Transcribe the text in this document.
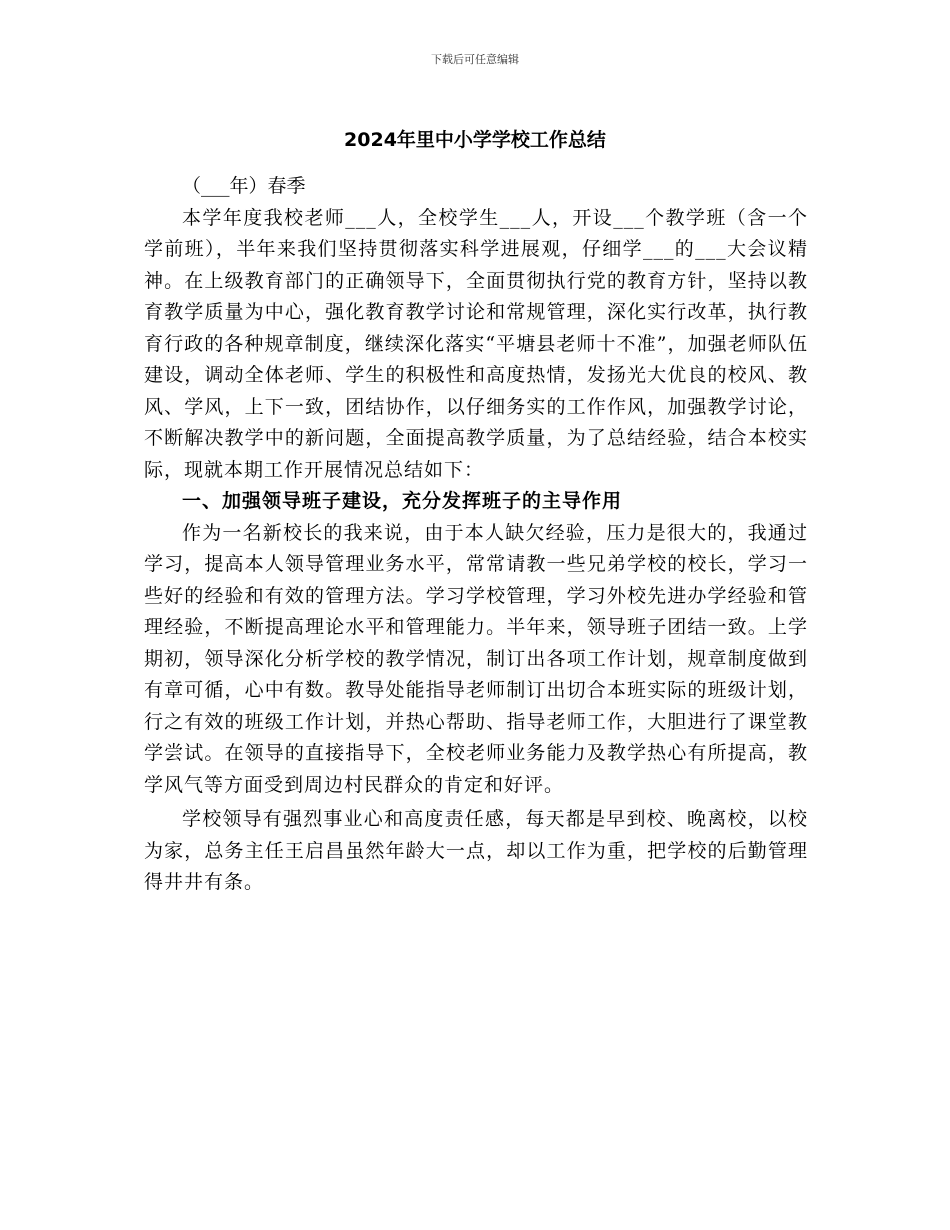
下载后可任意编辑
2024年里中小学学校工作总结

（___年）春季

本学年度我校老师___人，全校学生___人，开设___个教学班（含一个学前班），半年来我们坚持贯彻落实科学进展观，仔细学___的___大会议精神。在上级教育部门的正确领导下，全面贯彻执行党的教育方针，坚持以教育教学质量为中心，强化教育教学讨论和常规管理，深化实行改革，执行教育行政的各种规章制度，继续深化落实“平塘县老师十不准”，加强老师队伍建设，调动全体老师、学生的积极性和高度热情，发扬光大优良的校风、教风、学风，上下一致，团结协作，以仔细务实的工作作风，加强教学讨论，不断解决教学中的新问题，全面提高教学质量，为了总结经验，结合本校实际，现就本期工作开展情况总结如下：

一、加强领导班子建设，充分发挥班子的主导作用

作为一名新校长的我来说，由于本人缺欠经验，压力是很大的，我通过学习，提高本人领导管理业务水平，常常请教一些兄弟学校的校长，学习一些好的经验和有效的管理方法。学习学校管理，学习外校先进办学经验和管理经验，不断提高理论水平和管理能力。半年来，领导班子团结一致。上学期初，领导深化分析学校的教学情况，制订出各项工作计划，规章制度做到有章可循，心中有数。教导处能指导老师制订出切合本班实际的班级计划，行之有效的班级工作计划，并热心帮助、指导老师工作，大胆进行了课堂教学尝试。在领导的直接指导下，全校老师业务能力及教学热心有所提高，教学风气等方面受到周边村民群众的肯定和好评。

学校领导有强烈事业心和高度责任感，每天都是早到校、晚离校，以校为家，总务主任王启昌虽然年龄大一点，却以工作为重，把学校的后勤管理得井井有条。
